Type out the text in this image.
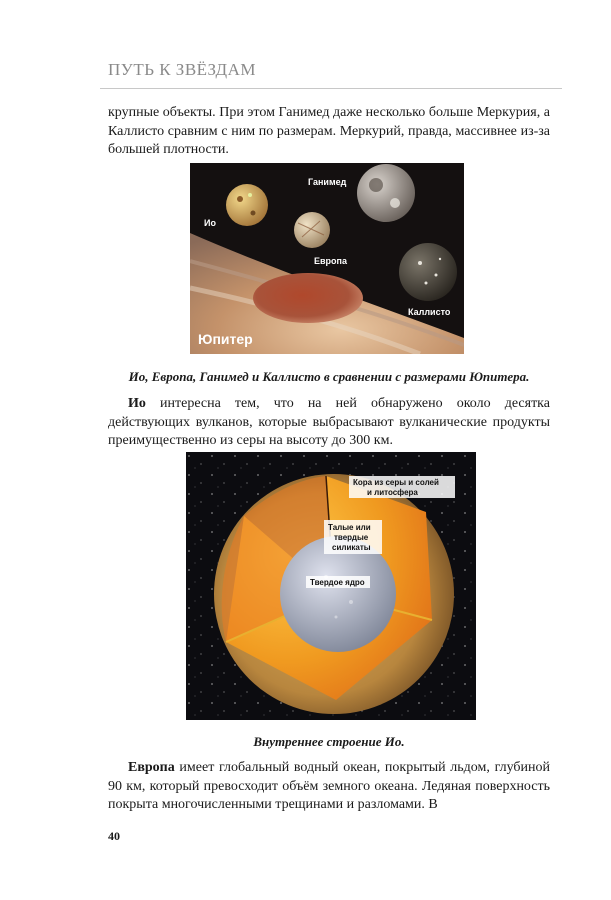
ПУТЬ К ЗВЁЗДАМ

крупные объекты. При этом Ганимед даже несколько больше Меркурия, а Каллисто сравним с ним по размерам. Меркурий, правда, массивнее из-за большей плотности.

Ио
Ганимед
Европа
Каллисто
Юпитер

Ио, Европа, Ганимед и Каллисто в сравнении с размерами Юпитера.

Ио интересна тем, что на ней обнаружено около десятка действующих вулканов, которые выбрасывают вулканические продукты преимущественно из серы на высоту до 300 км.

Кора из серы и солей
и литосфера
Талые или
твердые
силикаты
Твердое ядро

Внутреннее строение Ио.

Европа имеет глобальный водный океан, покрытый льдом, глубиной 90 км, который превосходит объём земного океана. Ледяная поверхность покрыта многочисленными трещинами и разломами. В

40
